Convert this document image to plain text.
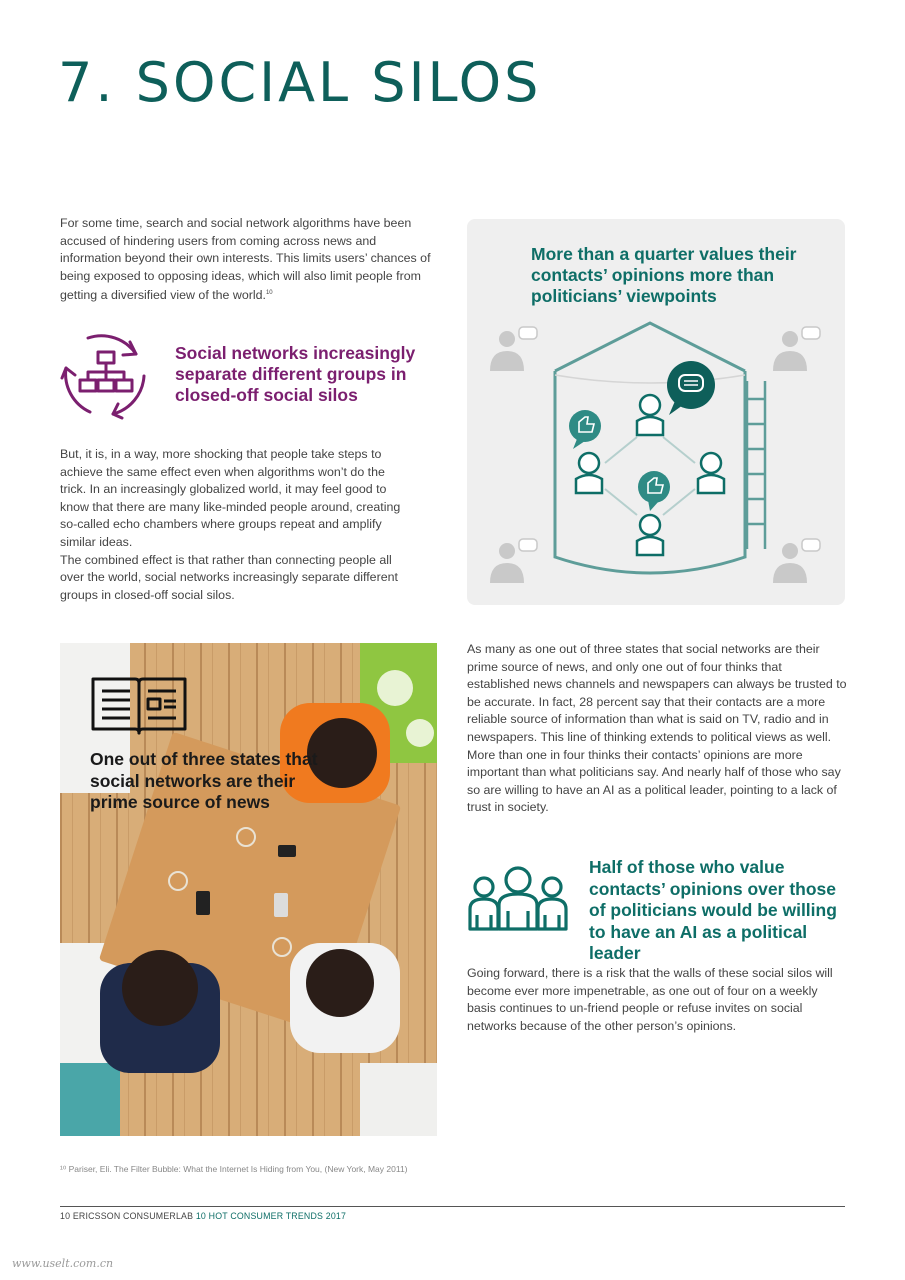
7. SOCIAL SILOS

For some time, search and social network algorithms have been accused of hindering users from coming across news and information beyond their own interests. This limits users’ chances of being exposed to opposing ideas, which will also limit people from getting a diversified view of the world.$^{10}$

Social networks increasingly separate different groups in closed-off social silos

But, it is, in a way, more shocking that people take steps to achieve the same effect even when algorithms won’t do the trick. In an increasingly globalized world, it may feel good to know that there are many like-minded people around, creating so-called echo chambers where groups repeat and amplify similar ideas.

The combined effect is that rather than connecting people all over the world, social networks increasingly separate different groups in closed-off social silos.

More than a quarter values their contacts’ opinions more than politicians’ viewpoints
One out of three states that social networks are their prime source of news
As many as one out of three states that social networks are their prime source of news, and only one out of four thinks that established news channels and newspapers can always be trusted to be accurate. In fact, 28 percent say that their contacts are a more reliable source of information than what is said on TV, radio and in newspapers. This line of thinking extends to political views as well. More than one in four thinks their contacts’ opinions are more important than what politicians say. And nearly half of those who say so are willing to have an AI as a political leader, pointing to a lack of trust in society.
Half of those who value contacts’ opinions over those of politicians would be willing to have an AI as a political leader
Going forward, there is a risk that the walls of these social silos will become ever more impenetrable, as one out of four on a weekly basis continues to un-friend people or refuse invites on social networks because of the other person’s opinions.
¹⁰ Pariser, Eli. The Filter Bubble: What the Internet Is Hiding from You, (New York, May 2011)
10 ERICSSON CONSUMERLAB 10 HOT CONSUMER TRENDS 2017
www.uselt.com.cn
